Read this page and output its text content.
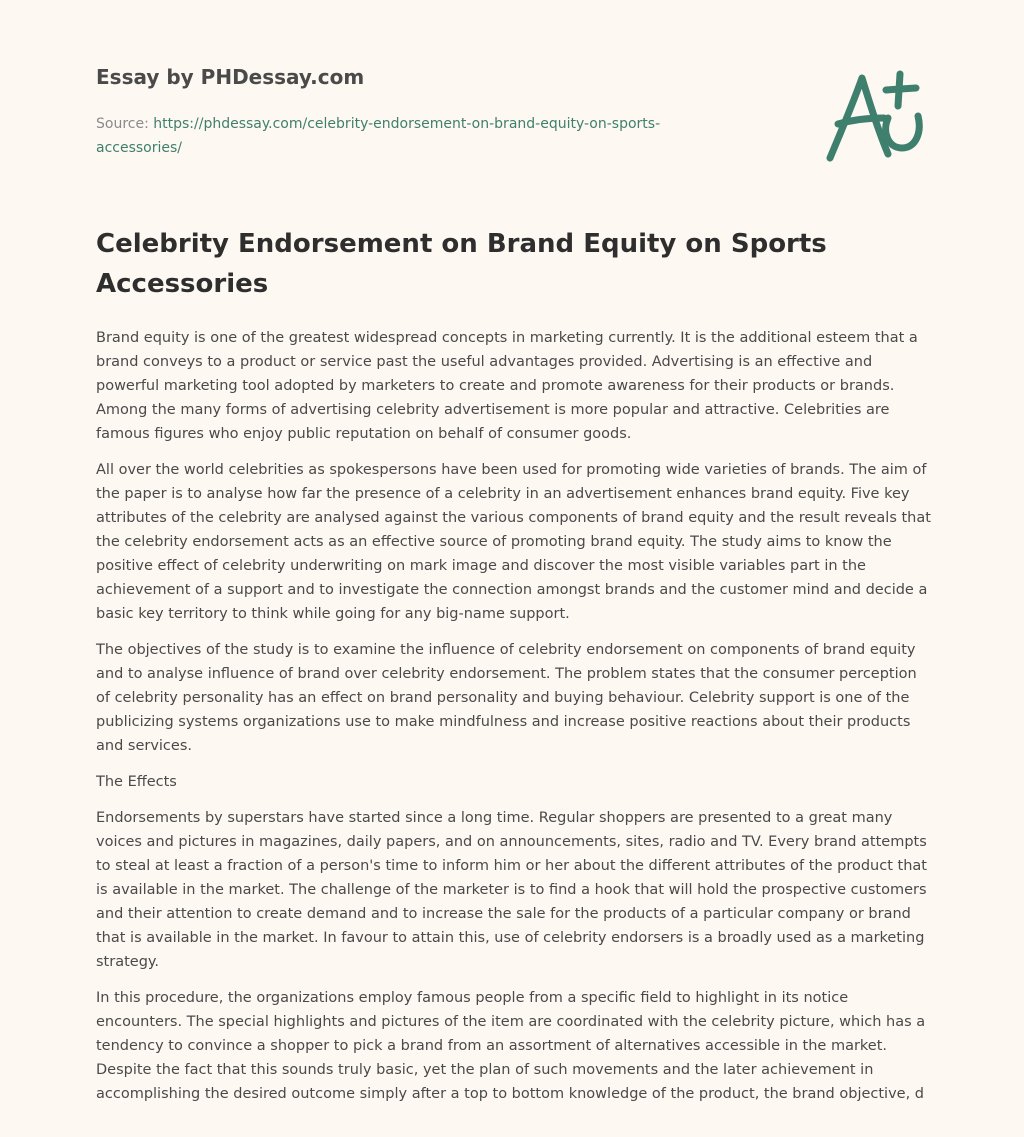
Essay by PHDessay.com
Source: https://phdessay.com/celebrity-endorsement-on-brand-equity-on-sports-accessories/
Celebrity Endorsement on Brand Equity on Sports Accessories

Brand equity is one of the greatest widespread concepts in marketing currently. It is the additional esteem that a brand conveys to a product or service past the useful advantages provided. Advertising is an effective and powerful marketing tool adopted by marketers to create and promote awareness for their products or brands. Among the many forms of advertising celebrity advertisement is more popular and attractive. Celebrities are famous figures who enjoy public reputation on behalf of consumer goods.

All over the world celebrities as spokespersons have been used for promoting wide varieties of brands. The aim of the paper is to analyse how far the presence of a celebrity in an advertisement enhances brand equity. Five key attributes of the celebrity are analysed against the various components of brand equity and the result reveals that the celebrity endorsement acts as an effective source of promoting brand equity. The study aims to know the positive effect of celebrity underwriting on mark image and discover the most visible variables part in the achievement of a support and to investigate the connection amongst brands and the customer mind and decide a basic key territory to think while going for any big-name support.

The objectives of the study is to examine the influence of celebrity endorsement on components of brand equity and to analyse influence of brand over celebrity endorsement. The problem states that the consumer perception of celebrity personality has an effect on brand personality and buying behaviour. Celebrity support is one of the publicizing systems organizations use to make mindfulness and increase positive reactions about their products and services.

The Effects

Endorsements by superstars have started since a long time. Regular shoppers are presented to a great many voices and pictures in magazines, daily papers, and on announcements, sites, radio and TV. Every brand attempts to steal at least a fraction of a person's time to inform him or her about the different attributes of the product that is available in the market. The challenge of the marketer is to find a hook that will hold the prospective customers and their attention to create demand and to increase the sale for the products of a particular company or brand that is available in the market. In favour to attain this, use of celebrity endorsers is a broadly used as a marketing strategy.

In this procedure, the organizations employ famous people from a specific field to highlight in its notice encounters. The special highlights and pictures of the item are coordinated with the celebrity picture, which has a tendency to convince a shopper to pick a brand from an assortment of alternatives accessible in the market. Despite the fact that this sounds truly basic, yet the plan of such movements and the later achievement in accomplishing the desired outcome simply after a top to bottom knowledge of the product, the brand objective, d
